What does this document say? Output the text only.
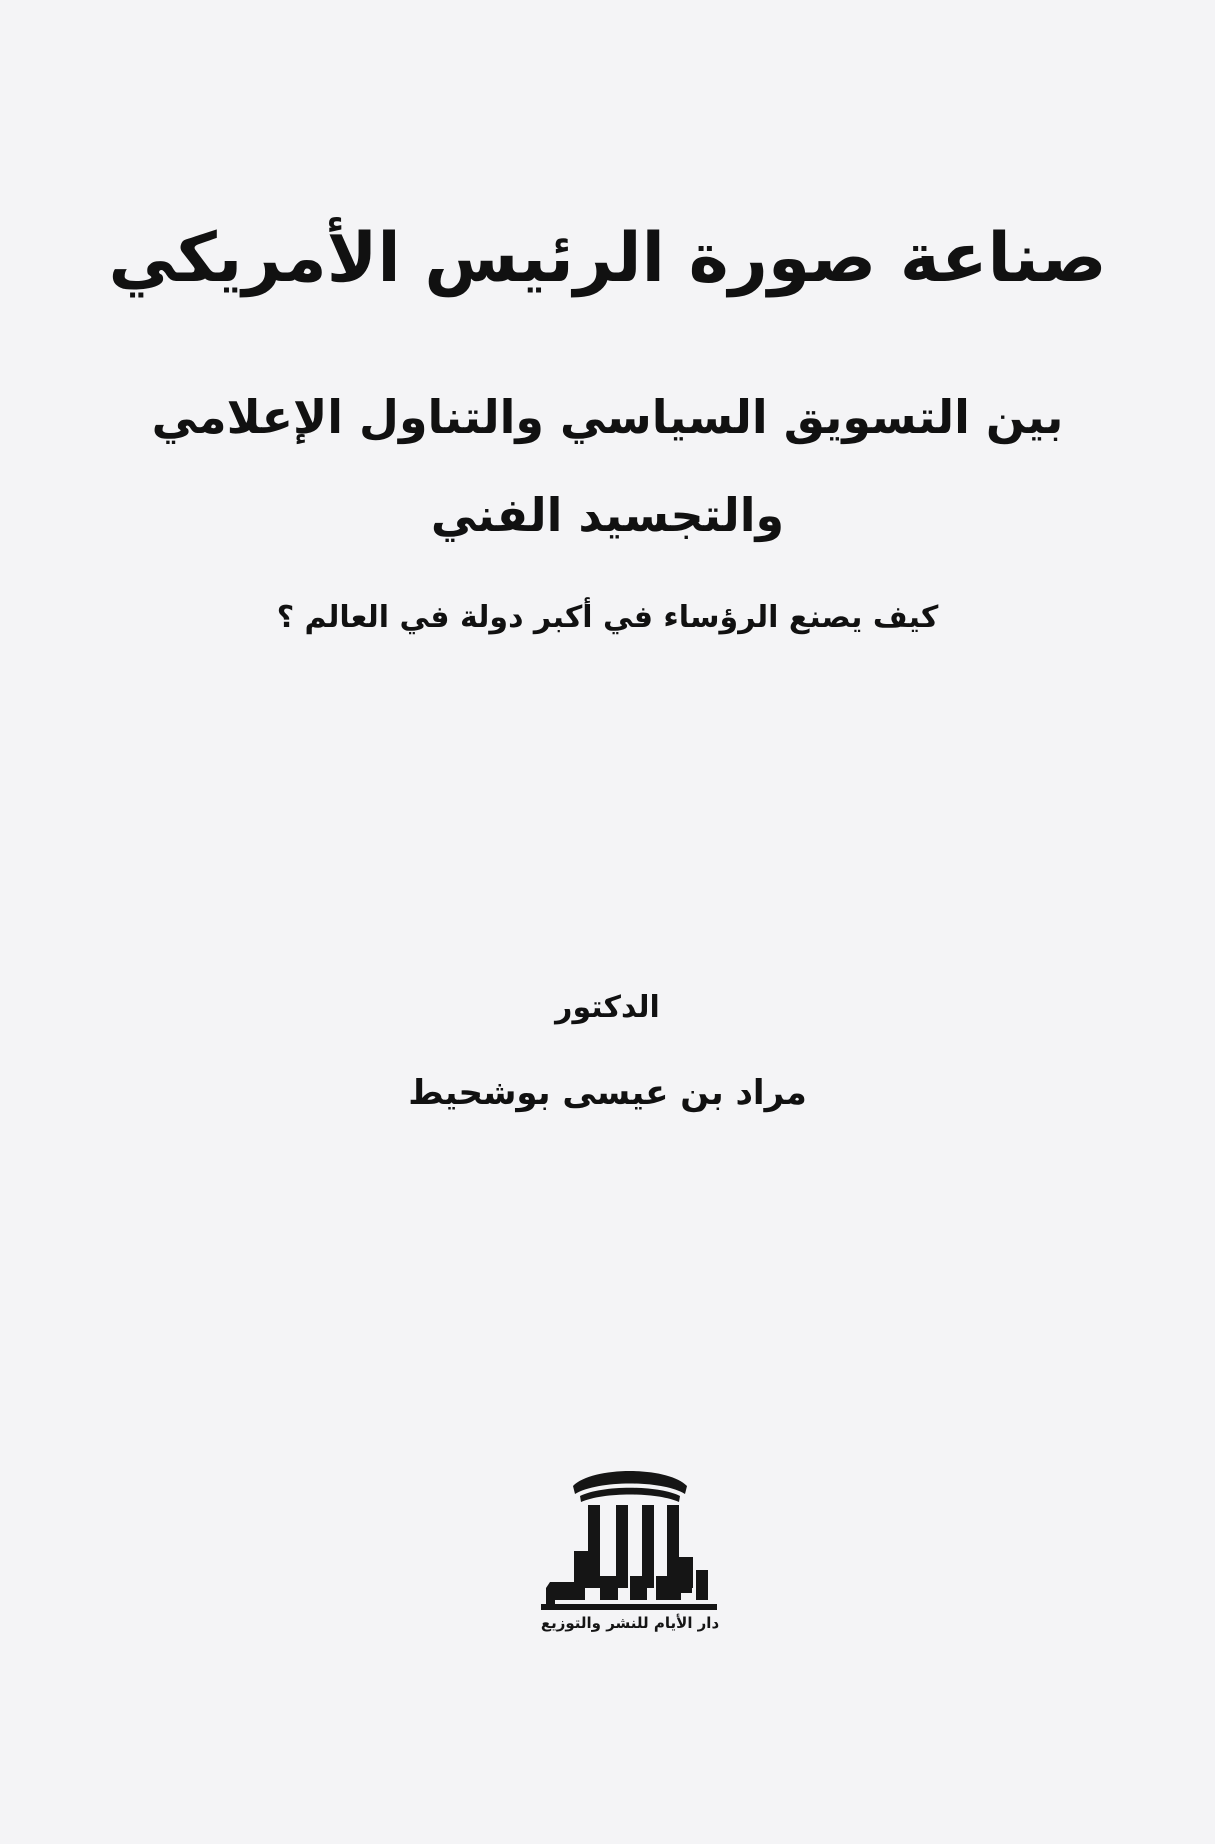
صناعة صورة الرئيس الأمريكي
بين التسويق السياسي والتناول الإعلامي
والتجسيد الفني
كيف يصنع الرؤساء في أكبر دولة في العالم ؟
الدكتور
مراد بن عيسى بوشحيط
دار الأيام للنشر والتوزيع
